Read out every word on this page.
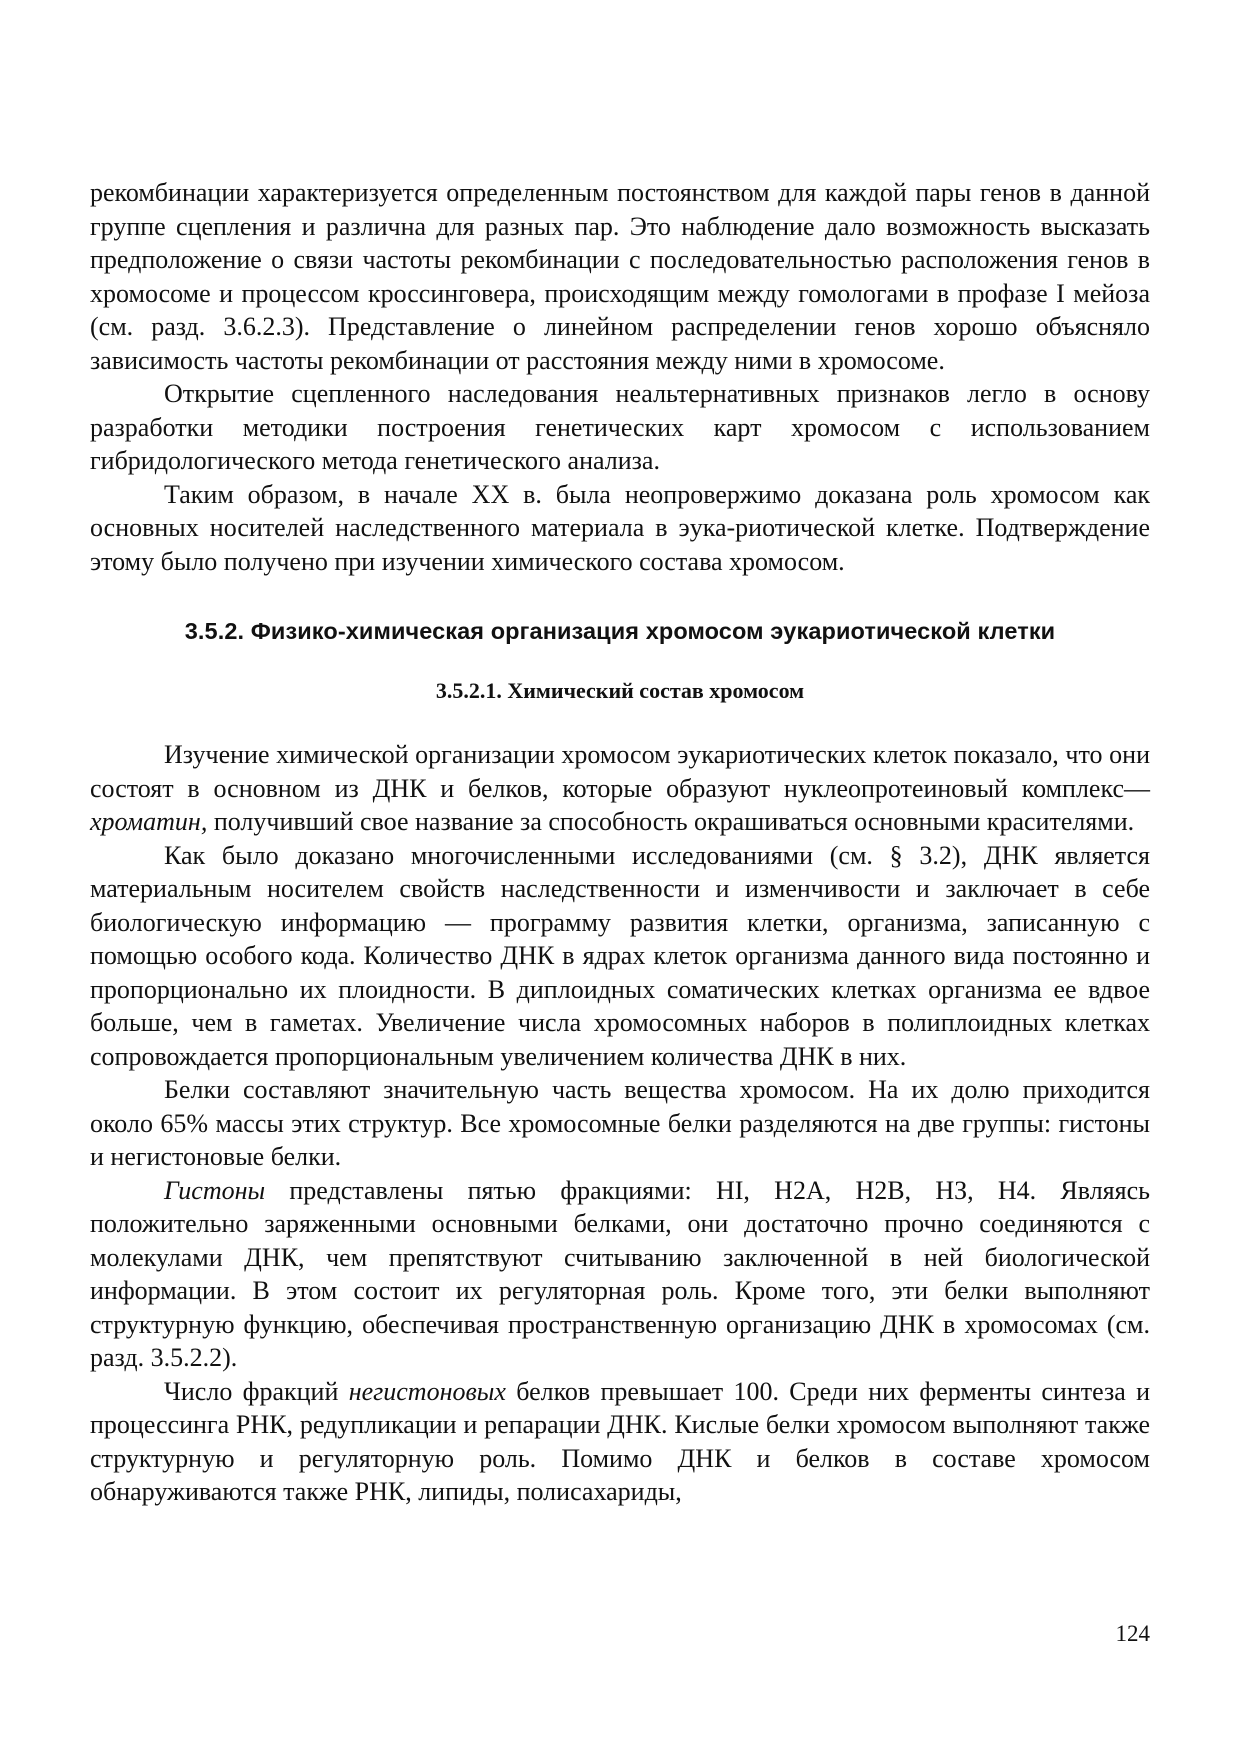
рекомбинации характеризуется определенным постоянством для каждой пары генов в данной группе сцепления и различна для разных пар. Это наблюдение дало возможность высказать предположение о связи частоты рекомбинации с последовательностью расположения генов в хромосоме и процессом кроссинговера, происходящим между гомологами в профазе I мейоза (см. разд. 3.6.2.3). Представление о линейном распределении генов хорошо объясняло зависимость частоты рекомбинации от расстояния между ними в хромосоме.

Открытие сцепленного наследования неальтернативных признаков легло в основу разработки методики построения генетических карт хромосом с использованием гибридологического метода генетического анализа.

Таким образом, в начале XX в. была неопровержимо доказана роль хромосом как основных носителей наследственного материала в эука-риотической клетке. Подтверждение этому было получено при изучении химического состава хромосом.

3.5.2. Физико-химическая организация хромосом эукариотической клетки
3.5.2.1. Химический состав хромосом

Изучение химической организации хромосом эукариотических клеток показало, что они состоят в основном из ДНК и белков, которые образуют нуклеопротеиновый комплекс—хроматин, получивший свое название за способность окрашиваться основными красителями.

Как было доказано многочисленными исследованиями (см. § 3.2), ДНК является материальным носителем свойств наследственности и изменчивости и заключает в себе биологическую информацию — программу развития клетки, организма, записанную с помощью особого кода. Количество ДНК в ядрах клеток организма данного вида постоянно и пропорционально их плоидности. В диплоидных соматических клетках организма ее вдвое больше, чем в гаметах. Увеличение числа хромосомных наборов в полиплоидных клетках сопровождается пропорциональным увеличением количества ДНК в них.

Белки составляют значительную часть вещества хромосом. На их долю приходится около 65% массы этих структур. Все хромосомные белки разделяются на две группы: гистоны и негистоновые белки.

Гистоны представлены пятью фракциями: HI, Н2А, Н2В, НЗ, Н4. Являясь положительно заряженными основными белками, они достаточно прочно соединяются с молекулами ДНК, чем препятствуют считыванию заключенной в ней биологической информации. В этом состоит их регуляторная роль. Кроме того, эти белки выполняют структурную функцию, обеспечивая пространственную организацию ДНК в хромосомах (см. разд. 3.5.2.2).

Число фракций негистоновых белков превышает 100. Среди них ферменты синтеза и процессинга РНК, редупликации и репарации ДНК. Кислые белки хромосом выполняют также структурную и регуляторную роль. Помимо ДНК и белков в составе хромосом обнаруживаются также РНК, липиды, полисахариды,

124
